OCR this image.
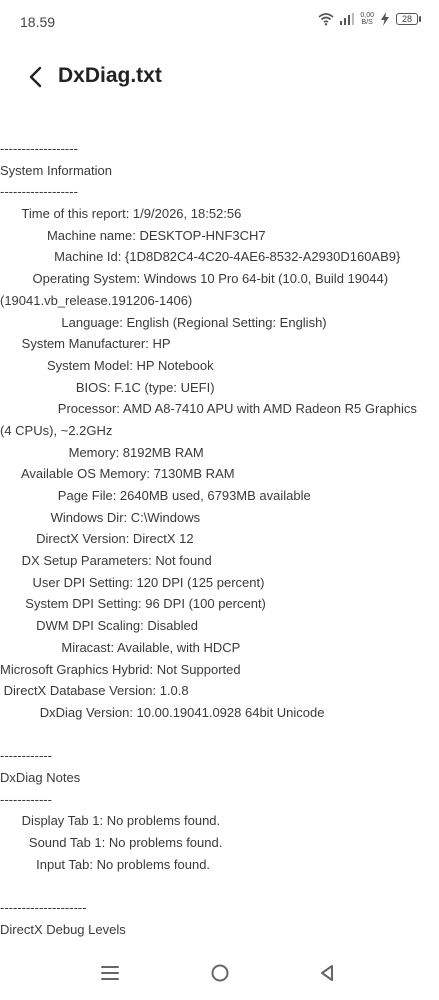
18.59	0,00
B/S	28
DxDiag.txt
------------------
System Information
------------------
Time of this report: 1/9/2026, 18:52:56
Machine name: DESKTOP-HNF3CH7
Machine Id: {1D8D82C4-4C20-4AE6-8532-A2930D160AB9}
Operating System: Windows 10 Pro 64-bit (10.0, Build 19044)
(19041.vb_release.191206-1406)
Language: English (Regional Setting: English)
System Manufacturer: HP
System Model: HP Notebook
BIOS: F.1C (type: UEFI)
Processor: AMD A8-7410 APU with AMD Radeon R5 Graphics
(4 CPUs), ~2.2GHz
Memory: 8192MB RAM
Available OS Memory: 7130MB RAM
Page File: 2640MB used, 6793MB available
Windows Dir: C:\Windows
DirectX Version: DirectX 12
DX Setup Parameters: Not found
User DPI Setting: 120 DPI (125 percent)
System DPI Setting: 96 DPI (100 percent)
DWM DPI Scaling: Disabled
Miracast: Available, with HDCP
Microsoft Graphics Hybrid: Not Supported
DirectX Database Version: 1.0.8
DxDiag Version: 10.00.19041.0928 64bit Unicode
------------
DxDiag Notes
------------
Display Tab 1: No problems found.
Sound Tab 1: No problems found.
Input Tab: No problems found.
--------------------
DirectX Debug Levels
